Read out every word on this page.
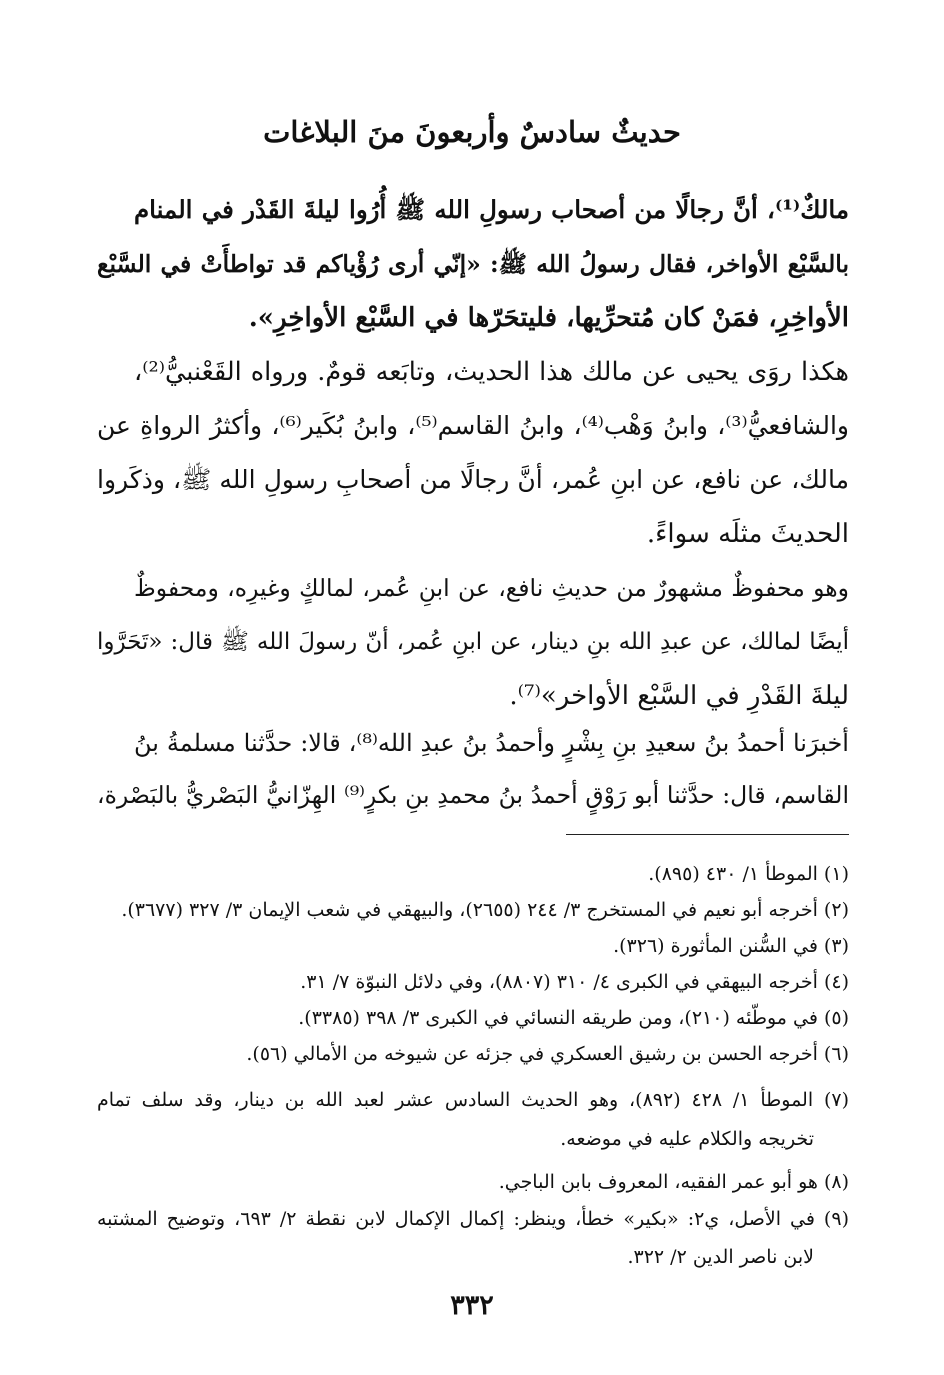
حديثٌ سادسٌ وأربعونَ منَ البلاغات
مالكٌ⁽¹⁾، أنَّ رجالًا من أصحاب رسولِ الله ﷺ أُرُوا ليلةَ القَدْر في المنام
بالسَّبْع الأواخر، فقال رسولُ الله ﷺ: «إنّي أرى رُؤْياكم قد تواطأَتْ في السَّبْع
الأواخِرِ، فمَنْ كان مُتحرِّيها، فليتحَرّها في السَّبْع الأواخِرِ».
هكذا روَى يحيى عن مالك هذا الحديث، وتابَعه قومٌ. ورواه القَعْنبيُّ⁽²⁾،
والشافعيُّ⁽³⁾، وابنُ وَهْب⁽⁴⁾، وابنُ القاسم⁽⁵⁾، وابنُ بُكَير⁽⁶⁾، وأكثرُ الرواةِ عن
مالك، عن نافع، عن ابنِ عُمر، أنَّ رجالًا من أصحابِ رسولِ الله ﷺ، وذكَروا
الحديثَ مثلَه سواءً.
وهو محفوظٌ مشهورٌ من حديثِ نافع، عن ابنِ عُمر، لمالكٍ وغيرِه، ومحفوظٌ
أيضًا لمالك، عن عبدِ الله بنِ دينار، عن ابنِ عُمر، أنّ رسولَ الله ﷺ قال: «تَحَرَّوا
ليلةَ القَدْرِ في السَّبْع الأواخر»⁽⁷⁾.
أخبرَنا أحمدُ بنُ سعيدِ بنِ بِشْرٍ وأحمدُ بنُ عبدِ الله⁽⁸⁾، قالا: حدَّثنا مسلمةُ بنُ
القاسم، قال: حدَّثنا أبو رَوْقٍ أحمدُ بنُ محمدِ بنِ بكرٍ⁽⁹⁾ الهِزّانيُّ البَصْريُّ بالبَصْرة،
(١) الموطأ ١/ ٤٣٠ (٨٩٥).
(٢) أخرجه أبو نعيم في المستخرج ٣/ ٢٤٤ (٢٦٥٥)، والبيهقي في شعب الإيمان ٣/ ٣٢٧ (٣٦٧٧).
(٣) في السُّنن المأثورة (٣٢٦).
(٤) أخرجه البيهقي في الكبرى ٤/ ٣١٠ (٨٨٠٧)، وفي دلائل النبوّة ٧/ ٣١.
(٥) في موطّئه (٢١٠)، ومن طريقه النسائي في الكبرى ٣/ ٣٩٨ (٣٣٨٥).
(٦) أخرجه الحسن بن رشيق العسكري في جزئه عن شيوخه من الأمالي (٥٦).
(٧) الموطأ ١/ ٤٢٨ (٨٩٢)، وهو الحديث السادس عشر لعبد الله بن دينار، وقد سلف تمام
تخريجه والكلام عليه في موضعه.
(٨) هو أبو عمر الفقيه، المعروف بابن الباجي.
(٩) في الأصل، ي٢: «بكير» خطأ، وينظر: إكمال الإكمال لابن نقطة ٢/ ٦٩٣، وتوضيح المشتبه
لابن ناصر الدين ٢/ ٣٢٢.
٣٣٢
